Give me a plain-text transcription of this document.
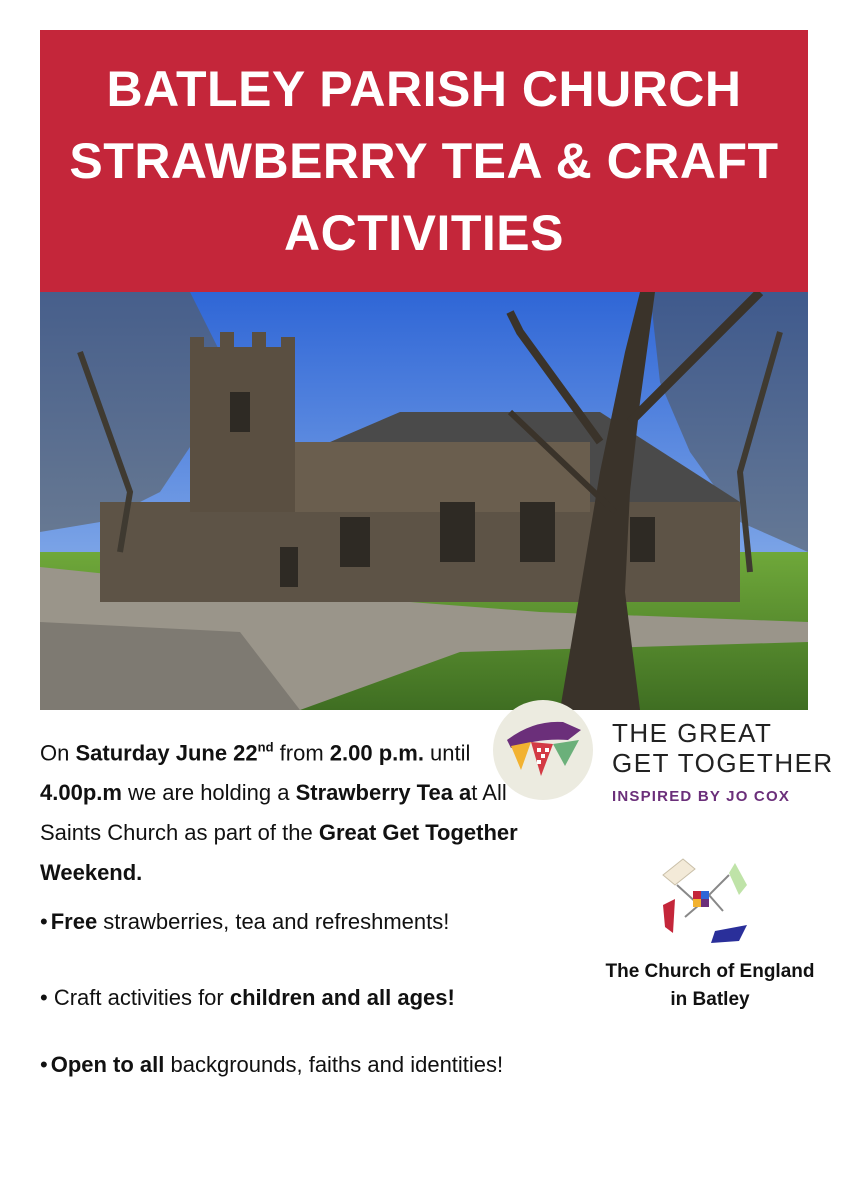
BATLEY PARISH CHURCH
STRAWBERRY TEA & CRAFT
ACTIVITIES
On Saturday June 22nd from 2.00 p.m. until 4.00p.m we are holding a Strawberry Tea at All Saints Church as part of the Great Get Together Weekend.
• Free strawberries, tea and refreshments!
• Craft activities for children and all ages!
• Open to all backgrounds, faiths and identities!
THE GREAT
GET TOGETHER
INSPIRED BY JO COX
The Church of England
in Batley
